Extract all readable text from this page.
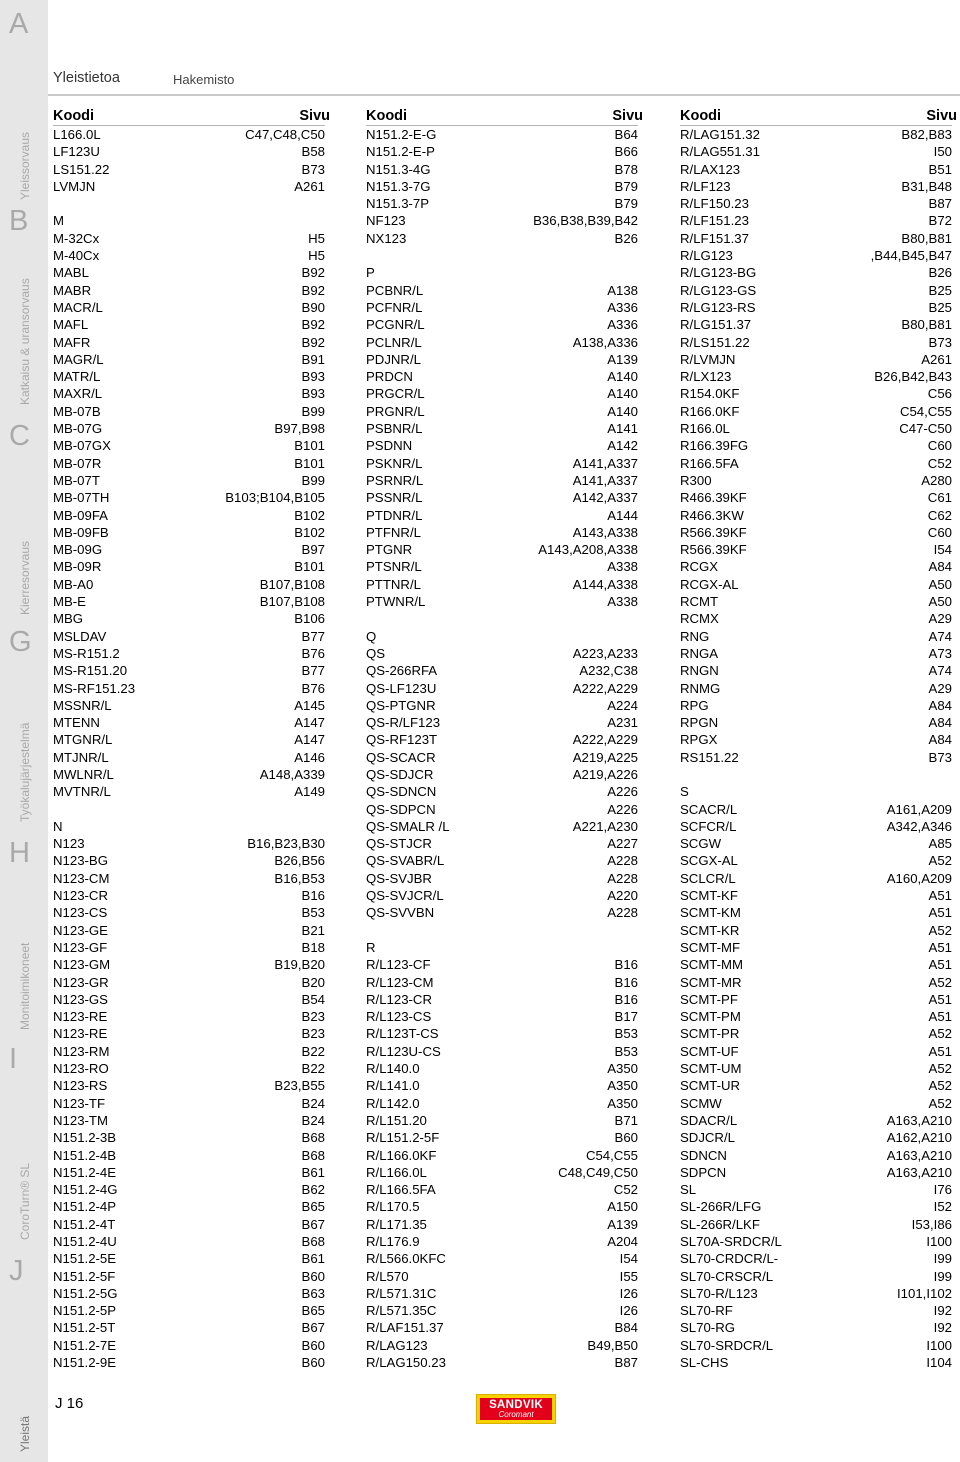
A
B
Yleissorvaus
C
Katkaisu & uransorvaus
G
Kierresorvaus
H
Työkalujärjestelmä
I
Monitoimikoneet
J
CoroTurn® SL
Yleistä
Yleistietoa	Hakemisto
Koodi	Sivu
L166.0L	C47,C48,C50
LF123U	B58
LS151.22	B73
LVMJN	A261
M
M-32Cx	H5
M-40Cx	H5
MABL	B92
MABR	B92
MACR/L	B90
MAFL	B92
MAFR	B92
MAGR/L	B91
MATR/L	B93
MAXR/L	B93
MB-07B	B99
MB-07G	B97,B98
MB-07GX	B101
MB-07R	B101
MB-07T	B99
MB-07TH	B103;B104,B105
MB-09FA	B102
MB-09FB	B102
MB-09G	B97
MB-09R	B101
MB-A0	B107,B108
MB-E	B107,B108
MBG	B106
MSLDAV	B77
MS-R151.2	B76
MS-R151.20	B77
MS-RF151.23	B76
MSSNR/L	A145
MTENN	A147
MTGNR/L	A147
MTJNR/L	A146
MWLNR/L	A148,A339
MVTNR/L	A149
N
N123	B16,B23,B30
N123-BG	B26,B56
N123-CM	B16,B53
N123-CR	B16
N123-CS	B53
N123-GE	B21
N123-GF	B18
N123-GM	B19,B20
N123-GR	B20
N123-GS	B54
N123-RE	B23
N123-RE	B23
N123-RM	B22
N123-RO	B22
N123-RS	B23,B55
N123-TF	B24
N123-TM	B24
N151.2-3B	B68
N151.2-4B	B68
N151.2-4E	B61
N151.2-4G	B62
N151.2-4P	B65
N151.2-4T	B67
N151.2-4U	B68
N151.2-5E	B61
N151.2-5F	B60
N151.2-5G	B63
N151.2-5P	B65
N151.2-5T	B67
N151.2-7E	B60
N151.2-9E	B60
Koodi	Sivu
N151.2-E-G	B64
N151.2-E-P	B66
N151.3-4G	B78
N151.3-7G	B79
N151.3-7P	B79
NF123	B36,B38,B39,B42
NX123	B26
P
PCBNR/L	A138
PCFNR/L	A336
PCGNR/L	A336
PCLNR/L	A138,A336
PDJNR/L	A139
PRDCN	A140
PRGCR/L	A140
PRGNR/L	A140
PSBNR/L	A141
PSDNN	A142
PSKNR/L	A141,A337
PSRNR/L	A141,A337
PSSNR/L	A142,A337
PTDNR/L	A144
PTFNR/L	A143,A338
PTGNR	A143,A208,A338
PTSNR/L	A338
PTTNR/L	A144,A338
PTWNR/L	A338
Q
QS	A223,A233
QS-266RFA	A232,C38
QS-LF123U	A222,A229
QS-PTGNR	A224
QS-R/LF123	A231
QS-RF123T	A222,A229
QS-SCACR	A219,A225
QS-SDJCR	A219,A226
QS-SDNCN	A226
QS-SDPCN	A226
QS-SMALR /L	A221,A230
QS-STJCR	A227
QS-SVABR/L	A228
QS-SVJBR	A228
QS-SVJCR/L	A220
QS-SVVBN	A228
R
R/L123-CF	B16
R/L123-CM	B16
R/L123-CR	B16
R/L123-CS	B17
R/L123T-CS	B53
R/L123U-CS	B53
R/L140.0	A350
R/L141.0	A350
R/L142.0	A350
R/L151.20	B71
R/L151.2-5F	B60
R/L166.0KF	C54,C55
R/L166.0L	C48,C49,C50
R/L166.5FA	C52
R/L170.5	A150
R/L171.35	A139
R/L176.9	A204
R/L566.0KFC	I54
R/L570	I55
R/L571.31C	I26
R/L571.35C	I26
R/LAF151.37	B84
R/LAG123	B49,B50
R/LAG150.23	B87
Koodi	Sivu
R/LAG151.32	B82,B83
R/LAG551.31	I50
R/LAX123	B51
R/LF123	B31,B48
R/LF150.23	B87
R/LF151.23	B72
R/LF151.37	B80,B81
R/LG123	,B44,B45,B47
R/LG123-BG	B26
R/LG123-GS	B25
R/LG123-RS	B25
R/LG151.37	B80,B81
R/LS151.22	B73
R/LVMJN	A261
R/LX123	B26,B42,B43
R154.0KF	C56
R166.0KF	C54,C55
R166.0L	C47-C50
R166.39FG	C60
R166.5FA	C52
R300	A280
R466.39KF	C61
R466.3KW	C62
R566.39KF	C60
R566.39KF	I54
RCGX	A84
RCGX-AL	A50
RCMT	A50
RCMX	A29
RNG	A74
RNGA	A73
RNGN	A74
RNMG	A29
RPG	A84
RPGN	A84
RPGX	A84
RS151.22	B73
S
SCACR/L	A161,A209
SCFCR/L	A342,A346
SCGW	A85
SCGX-AL	A52
SCLCR/L	A160,A209
SCMT-KF	A51
SCMT-KM	A51
SCMT-KR	A52
SCMT-MF	A51
SCMT-MM	A51
SCMT-MR	A52
SCMT-PF	A51
SCMT-PM	A51
SCMT-PR	A52
SCMT-UF	A51
SCMT-UM	A52
SCMT-UR	A52
SCMW	A52
SDACR/L	A163,A210
SDJCR/L	A162,A210
SDNCN	A163,A210
SDPCN	A163,A210
SL	I76
SL-266R/LFG	I52
SL-266R/LKF	I53,I86
SL70A-SRDCR/L	I100
SL70-CRDCR/L-	I99
SL70-CRSCR/L	I99
SL70-R/L123	I101,I102
SL70-RF	I92
SL70-RG	I92
SL70-SRDCR/L	I100
SL-CHS	I104
J 16	SANDVIK
Coromant
